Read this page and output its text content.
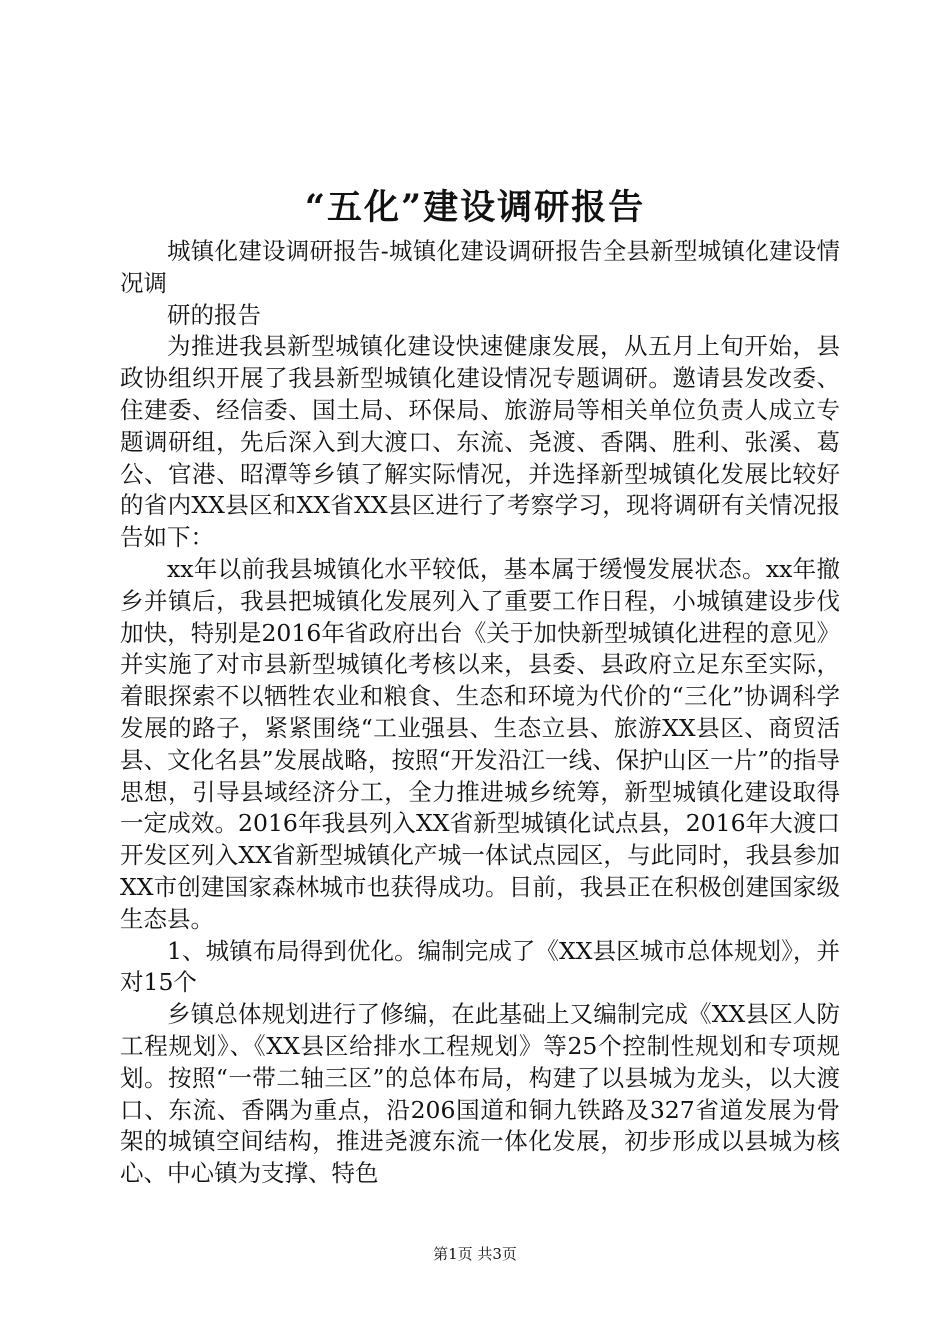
“五化”建设调研报告

城镇化建设调研报告-城镇化建设调研报告全县新型城镇化建设情况调

研的报告

为推进我县新型城镇化建设快速健康发展，从五月上旬开始，县政协组织开展了我县新型城镇化建设情况专题调研。邀请县发改委、住建委、经信委、国土局、环保局、旅游局等相关单位负责人成立专题调研组，先后深入到大渡口、东流、尧渡、香隅、胜利、张溪、葛公、官港、昭潭等乡镇了解实际情况，并选择新型城镇化发展比较好的省内XX县区和XX省XX县区进行了考察学习，现将调研有关情况报告如下：

xx年以前我县城镇化水平较低，基本属于缓慢发展状态。xx年撤乡并镇后，我县把城镇化发展列入了重要工作日程，小城镇建设步伐加快，特别是2016年省政府出台《关于加快新型城镇化进程的意见》并实施了对市县新型城镇化考核以来，县委、县政府立足东至实际，着眼探索不以牺牲农业和粮食、生态和环境为代价的“三化”协调科学发展的路子，紧紧围绕“工业强县、生态立县、旅游XX县区、商贸活县、文化名县”发展战略，按照“开发沿江一线、保护山区一片”的指导思想，引导县域经济分工，全力推进城乡统筹，新型城镇化建设取得一定成效。2016年我县列入XX省新型城镇化试点县，2016年大渡口开发区列入XX省新型城镇化产城一体试点园区，与此同时，我县参加XX市创建国家森林城市也获得成功。目前，我县正在积极创建国家级生态县。

1、城镇布局得到优化。编制完成了《XX县区城市总体规划》，并对15个

乡镇总体规划进行了修编，在此基础上又编制完成《XX县区人防工程规划》、《XX县区给排水工程规划》等25个控制性规划和专项规划。按照“一带二轴三区”的总体布局，构建了以县城为龙头，以大渡口、东流、香隅为重点，沿206国道和铜九铁路及327省道发展为骨架的城镇空间结构，推进尧渡东流一体化发展，初步形成以县城为核心、中心镇为支撑、特色

第1页 共3页
